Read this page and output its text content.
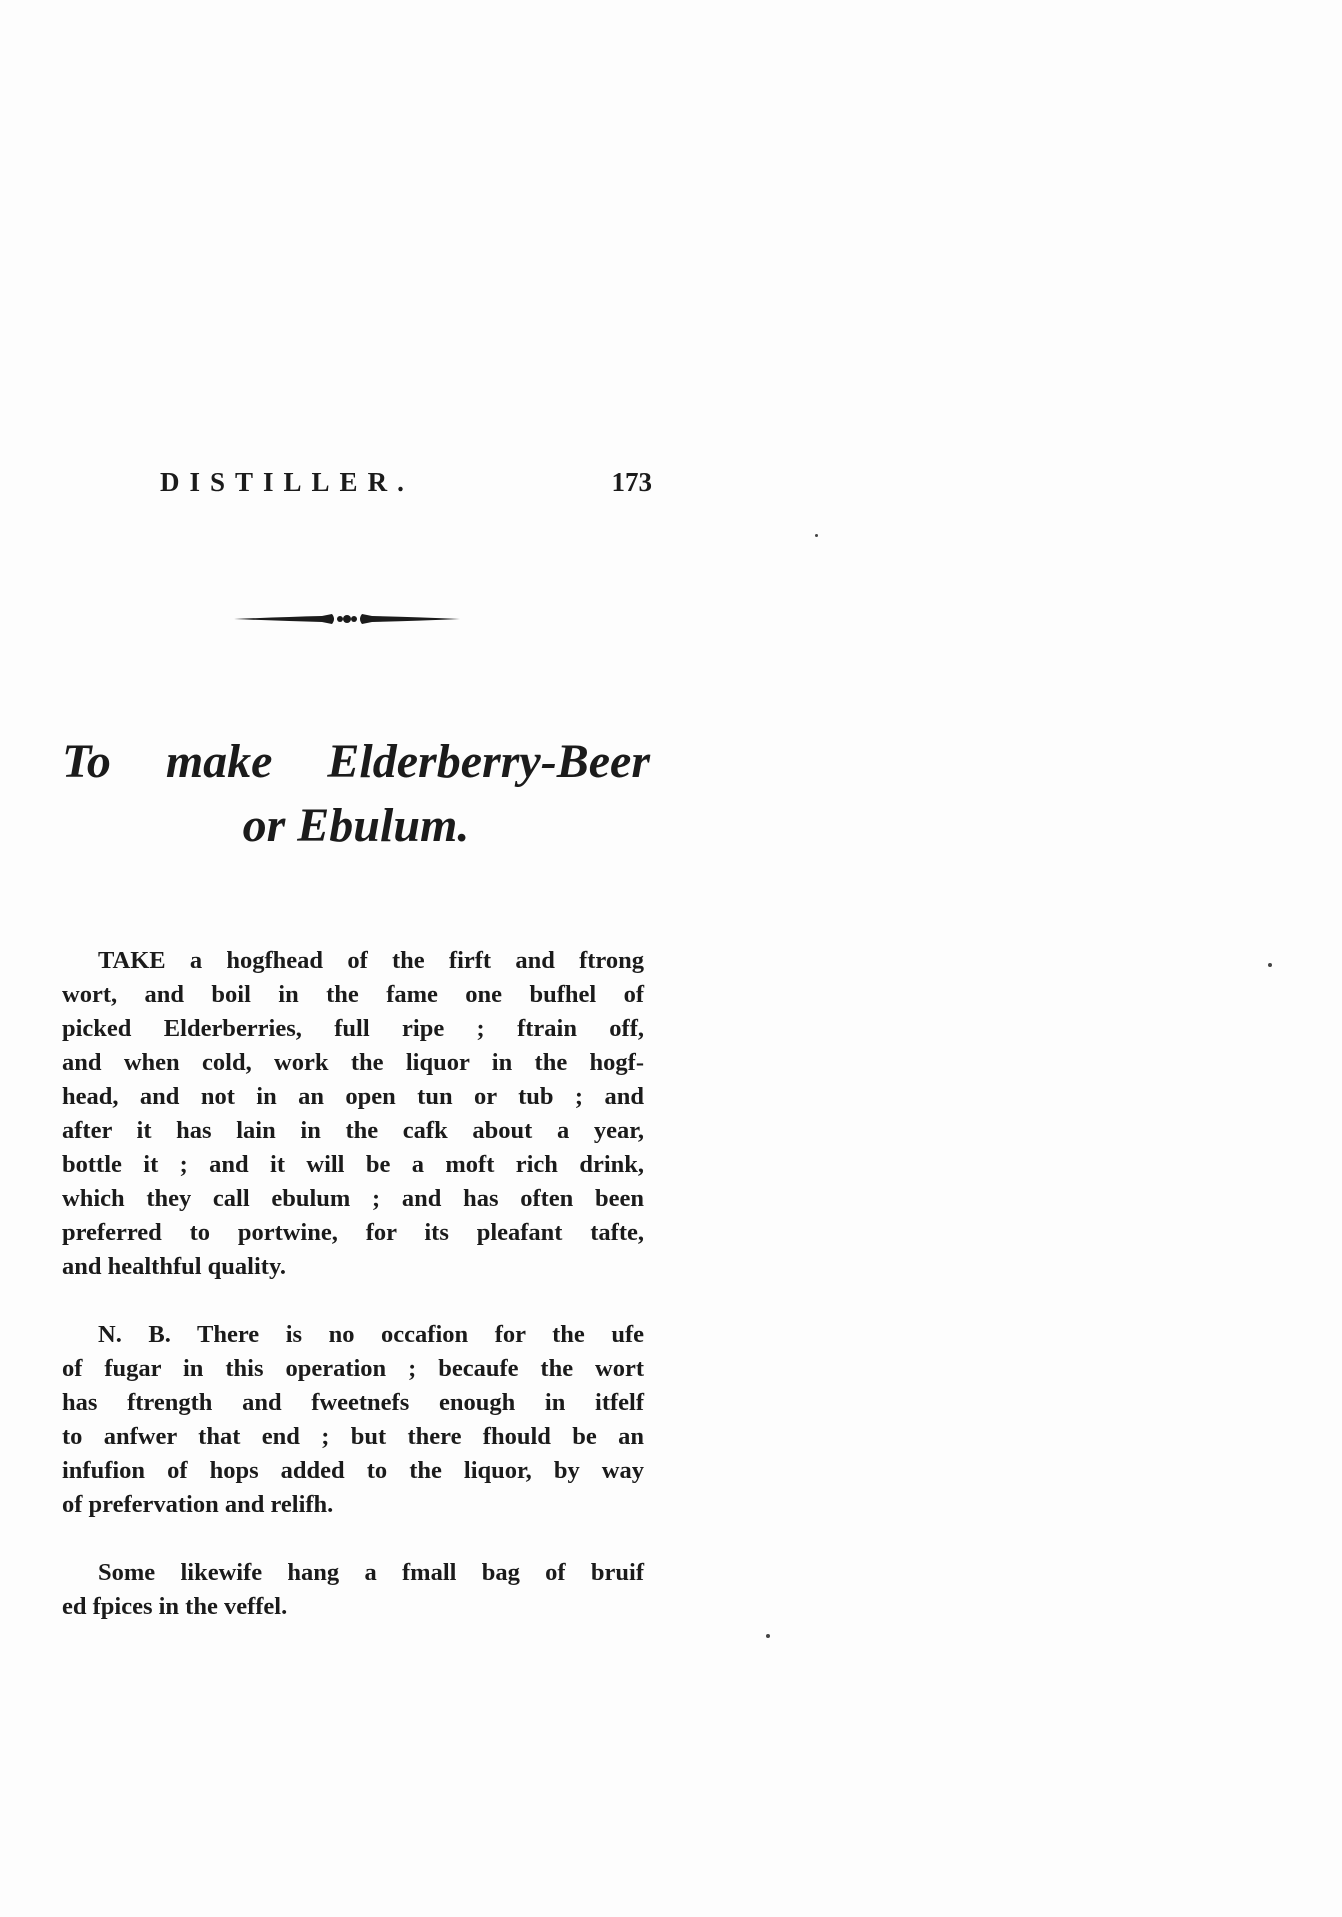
DISTILLER.	173
To make Elderberry-Beer
or Ebulum.
TAKE a hogfhead of the firft and ftrong
wort, and boil in the fame one bufhel of
picked Elderberries, full ripe ; ftrain off,
and when cold, work the liquor in the hogf-
head, and not in an open tun or tub ; and
after it has lain in the cafk about a year,
bottle it ; and it will be a moft rich drink,
which they call ebulum ; and has often been
preferred to portwine, for its pleafant tafte,
and healthful quality.
N. B. There is no occafion for the ufe
of fugar in this operation ; becaufe the wort
has ftrength and fweetnefs enough in itfelf
to anfwer that end ; but there fhould be an
infufion of hops added to the liquor, by way
of prefervation and relifh.
Some likewife hang a fmall bag of bruif
ed fpices in the veffel.
